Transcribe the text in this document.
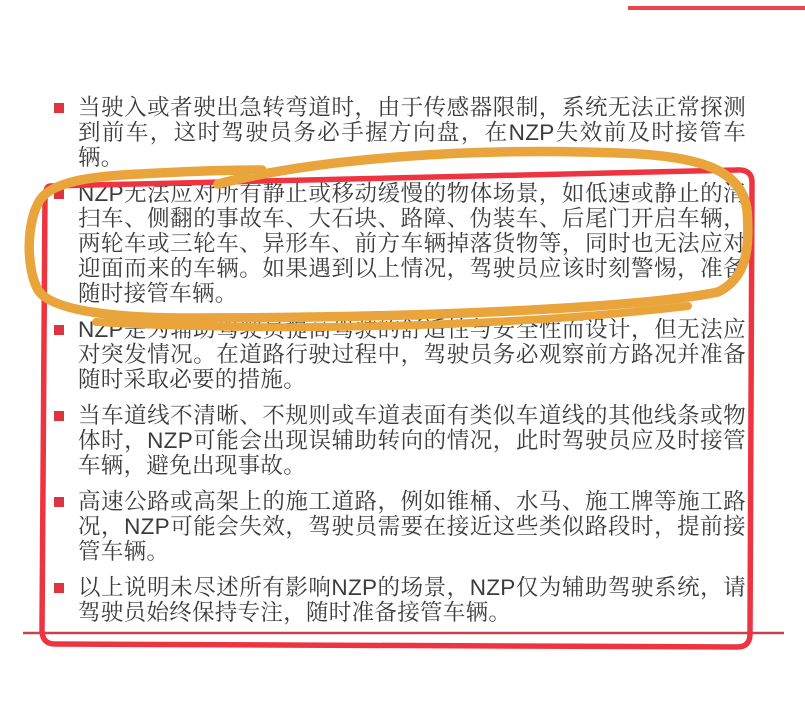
当驶入或者驶出急转弯道时，由于传感器限制，系统无法正常探测到前车，这时驾驶员务必手握方向盘，在NZP失效前及时接管车辆。

NZP无法应对所有静止或移动缓慢的物体场景，如低速或静止的清扫车、侧翻的事故车、大石块、路障、伪装车、后尾门开启车辆，两轮车或三轮车、异形车、前方车辆掉落货物等，同时也无法应对迎面而来的车辆。如果遇到以上情况，驾驶员应该时刻警惕，准备随时接管车辆。

NZP是为辅助驾驶员提高驾驶的舒适性与安全性而设计，但无法应对突发情况。在道路行驶过程中，驾驶员务必观察前方路况并准备随时采取必要的措施。

当车道线不清晰、不规则或车道表面有类似车道线的其他线条或物体时，NZP可能会出现误辅助转向的情况，此时驾驶员应及时接管车辆，避免出现事故。

高速公路或高架上的施工道路，例如锥桶、水马、施工牌等施工路况，NZP可能会失效，驾驶员需要在接近这些类似路段时，提前接管车辆。

以上说明未尽述所有影响NZP的场景，NZP仅为辅助驾驶系统，请驾驶员始终保持专注，随时准备接管车辆。
